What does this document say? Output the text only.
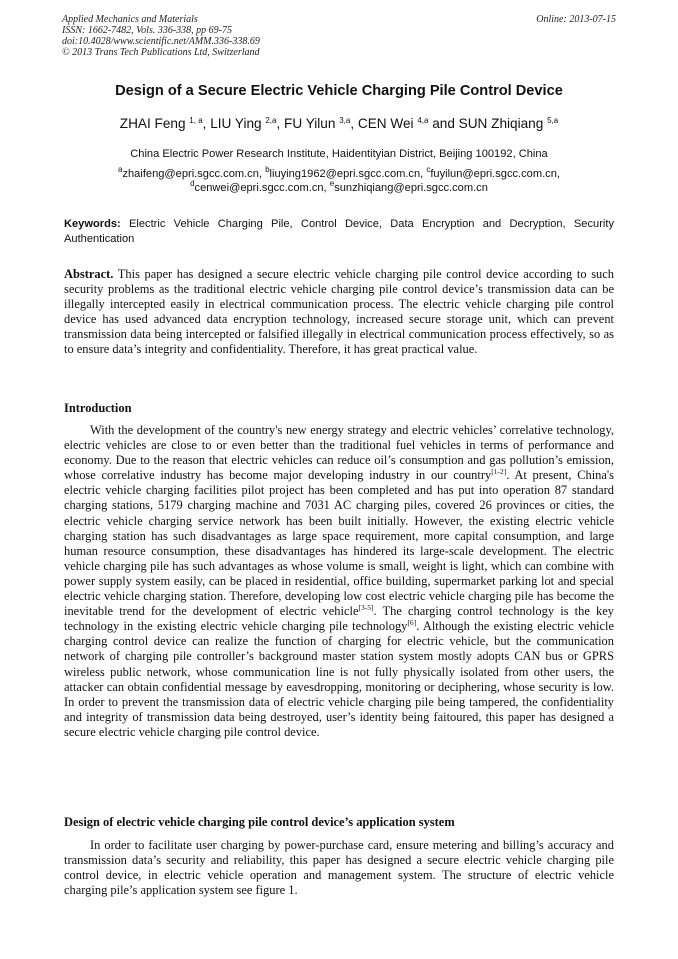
Applied Mechanics and Materials
ISSN: 1662-7482, Vols. 336-338, pp 69-75
doi:10.4028/www.scientific.net/AMM.336-338.69
© 2013 Trans Tech Publications Ltd, Switzerland
Online: 2013-07-15
Design of a Secure Electric Vehicle Charging Pile Control Device
ZHAI Feng $^{1, a}$, LIU Ying $^{2,a}$, FU Yilun $^{3,a}$, CEN Wei $^{4,a}$ and SUN Zhiqiang $^{5,a}$
China Electric Power Research Institute, Haidentityian District, Beijing 100192, China
$^a$zhaifeng@epri.sgcc.com.cn, $^b$liuying1962@epri.sgcc.com.cn, $^c$fuyilun@epri.sgcc.com.cn,
$^d$cenwei@epri.sgcc.com.cn, $^e$sunzhiqiang@epri.sgcc.com.cn
Keywords: Electric Vehicle Charging Pile, Control Device, Data Encryption and Decryption, Security Authentication
Abstract. This paper has designed a secure electric vehicle charging pile control device according to such security problems as the traditional electric vehicle charging pile control device’s transmission data can be illegally intercepted easily in electrical communication process. The electric vehicle charging pile control device has used advanced data encryption technology, increased secure storage unit, which can prevent transmission data being intercepted or falsified illegally in electrical communication process effectively, so as to ensure data’s integrity and confidentiality. Therefore, it has great practical value.
Introduction
With the development of the country's new energy strategy and electric vehicles’ correlative technology, electric vehicles are close to or even better than the traditional fuel vehicles in terms of performance and economy. Due to the reason that electric vehicles can reduce oil’s consumption and gas pollution’s emission, whose correlative industry has become major developing industry in our country[1-2]. At present, China's electric vehicle charging facilities pilot project has been completed and has put into operation 87 standard charging stations, 5179 charging machine and 7031 AC charging piles, covered 26 provinces or cities, the electric vehicle charging service network has been built initially. However, the existing electric vehicle charging station has such disadvantages as large space requirement, more capital consumption, and large human resource consumption, these disadvantages has hindered its large-scale development. The electric vehicle charging pile has such advantages as whose volume is small, weight is light, which can combine with power supply system easily, can be placed in residential, office building, supermarket parking lot and special electric vehicle charging station. Therefore, developing low cost electric vehicle charging pile has become the inevitable trend for the development of electric vehicle[3-5]. The charging control technology is the key technology in the existing electric vehicle charging pile technology[6]. Although the existing electric vehicle charging control device can realize the function of charging for electric vehicle, but the communication network of charging pile controller’s background master station system mostly adopts CAN bus or GPRS wireless public network, whose communication line is not fully physically isolated from other users, the attacker can obtain confidential message by eavesdropping, monitoring or deciphering, whose security is low. In order to prevent the transmission data of electric vehicle charging pile being tampered, the confidentiality and integrity of transmission data being destroyed, user’s identity being faitoured, this paper has designed a secure electric vehicle charging pile control device.
Design of electric vehicle charging pile control device’s application system
In order to facilitate user charging by power-purchase card, ensure metering and billing’s accuracy and transmission data’s security and reliability, this paper has designed a secure electric vehicle charging pile control device, in electric vehicle operation and management system. The structure of electric vehicle charging pile’s application system see figure 1.
